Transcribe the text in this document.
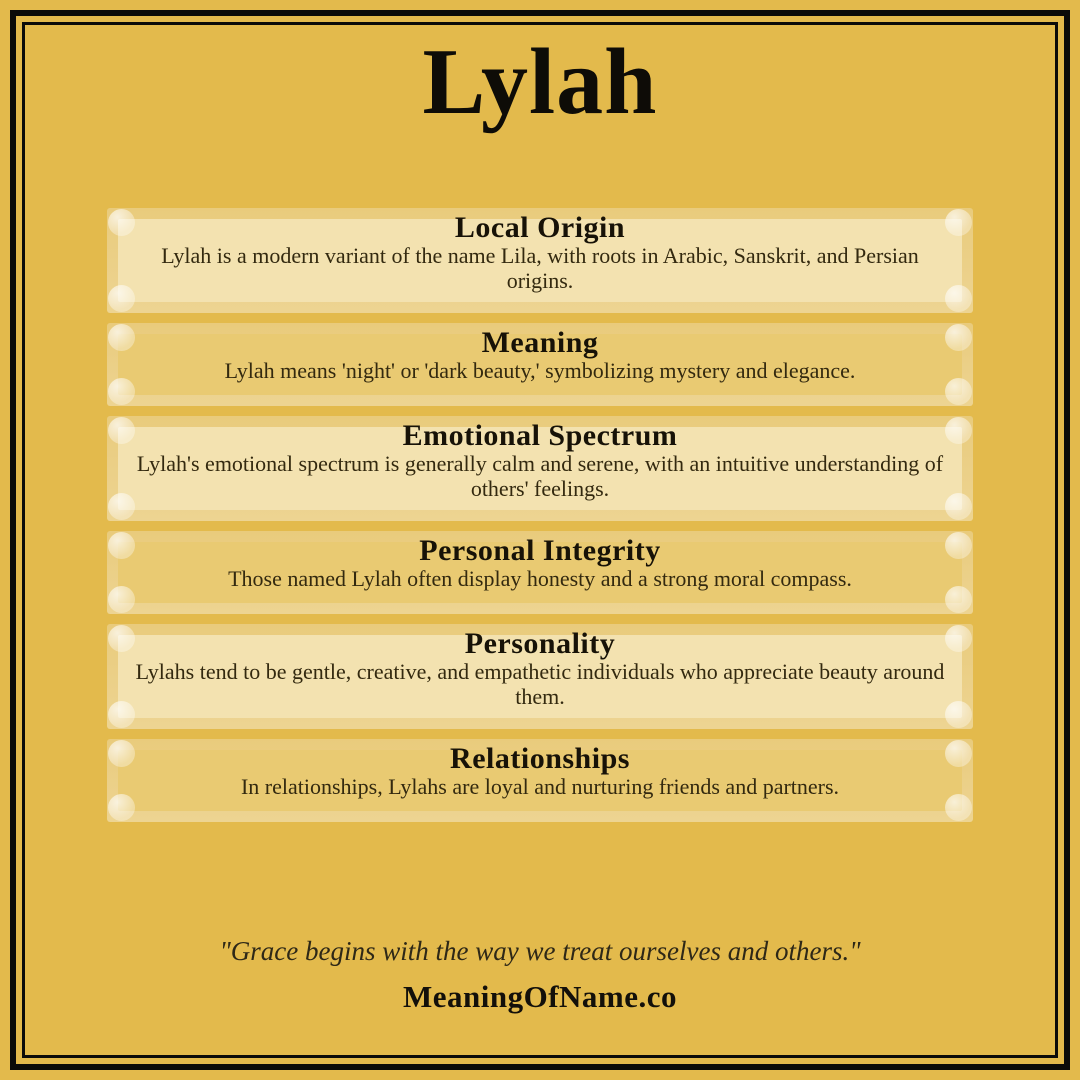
Lylah
Local Origin

Lylah is a modern variant of the name Lila, with roots in Arabic, Sanskrit, and Persian origins.

Meaning

Lylah means 'night' or 'dark beauty,' symbolizing mystery and elegance.

Emotional Spectrum

Lylah's emotional spectrum is generally calm and serene, with an intuitive understanding of others' feelings.

Personal Integrity

Those named Lylah often display honesty and a strong moral compass.

Personality

Lylahs tend to be gentle, creative, and empathetic individuals who appreciate beauty around them.

Relationships

In relationships, Lylahs are loyal and nurturing friends and partners.

"Grace begins with the way we treat ourselves and others."

MeaningOfName.co
